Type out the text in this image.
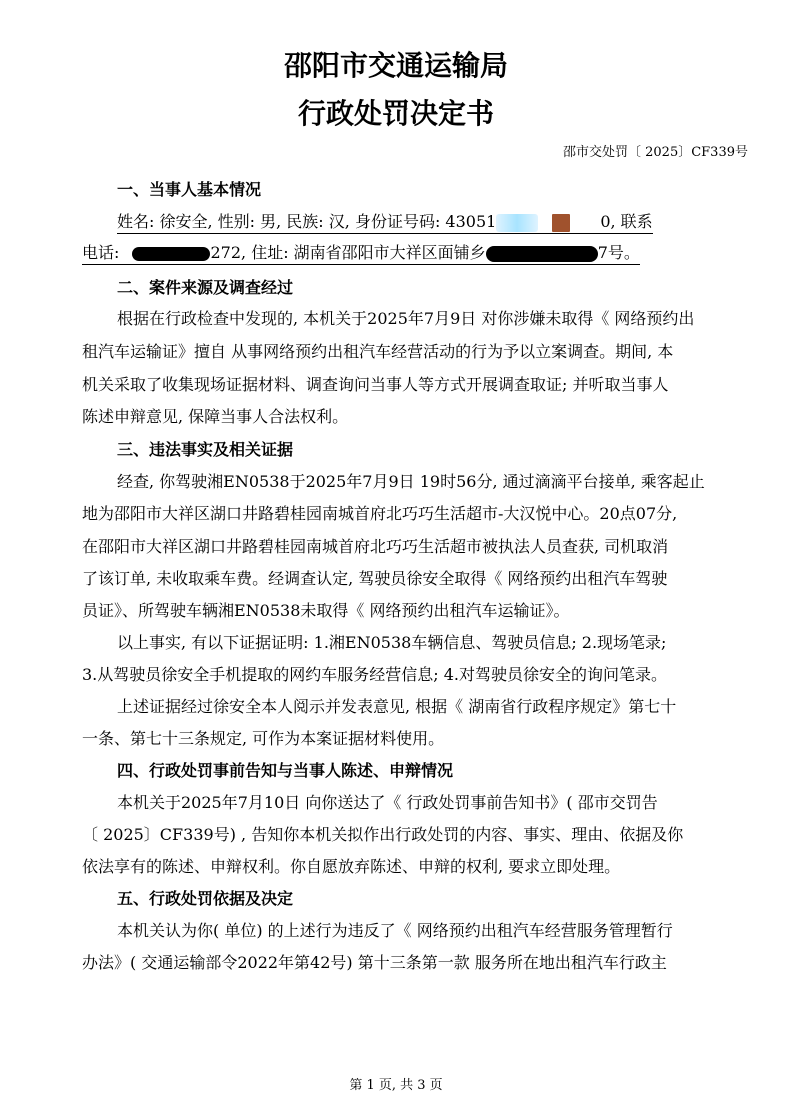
邵阳市交通运输局
行政处罚决定书
邵市交处罚〔 2025〕CF339号
一、当事人基本情况
姓名: 徐安全, 性别: 男, 民族: 汉, 身份证号码: 43051	0, 联系
电话:	272, 住址: 湖南省邵阳市大祥区面铺乡	7号。
二、案件来源及调查经过
根据在行政检查中发现的, 本机关于2025年7月9日 对你涉嫌未取得《 网络预约出
租汽车运输证》擅自 从事网络预约出租汽车经营活动的行为予以立案调查。期间, 本
机关采取了收集现场证据材料、调查询问当事人等方式开展调查取证; 并听取当事人
陈述申辩意见, 保障当事人合法权利。
三、违法事实及相关证据
经查, 你驾驶湘EN0538于2025年7月9日 19时56分, 通过滴滴平台接单, 乘客起止
地为邵阳市大祥区湖口井路碧桂园南城首府北巧巧生活超市-大汉悦中心。20点07分,
在邵阳市大祥区湖口井路碧桂园南城首府北巧巧生活超市被执法人员查获, 司机取消
了该订单, 未收取乘车费。经调查认定, 驾驶员徐安全取得《 网络预约出租汽车驾驶
员证》、所驾驶车辆湘EN0538未取得《 网络预约出租汽车运输证》。
以上事实, 有以下证据证明: 1.湘EN0538车辆信息、驾驶员信息; 2.现场笔录;
3.从驾驶员徐安全手机提取的网约车服务经营信息; 4.对驾驶员徐安全的询问笔录。
上述证据经过徐安全本人阅示并发表意见, 根据《 湖南省行政程序规定》第七十
一条、第七十三条规定, 可作为本案证据材料使用。
四、行政处罚事前告知与当事人陈述、申辩情况
本机关于2025年7月10日 向你送达了《 行政处罚事前告知书》( 邵市交罚告
〔 2025〕CF339号) , 告知你本机关拟作出行政处罚的内容、事实、理由、依据及你
依法享有的陈述、申辩权利。你自愿放弃陈述、申辩的权利, 要求立即处理。
五、行政处罚依据及决定
本机关认为你( 单位) 的上述行为违反了《 网络预约出租汽车经营服务管理暂行
办法》( 交通运输部令2022年第42号) 第十三条第一款 服务所在地出租汽车行政主
第 1 页, 共 3 页
